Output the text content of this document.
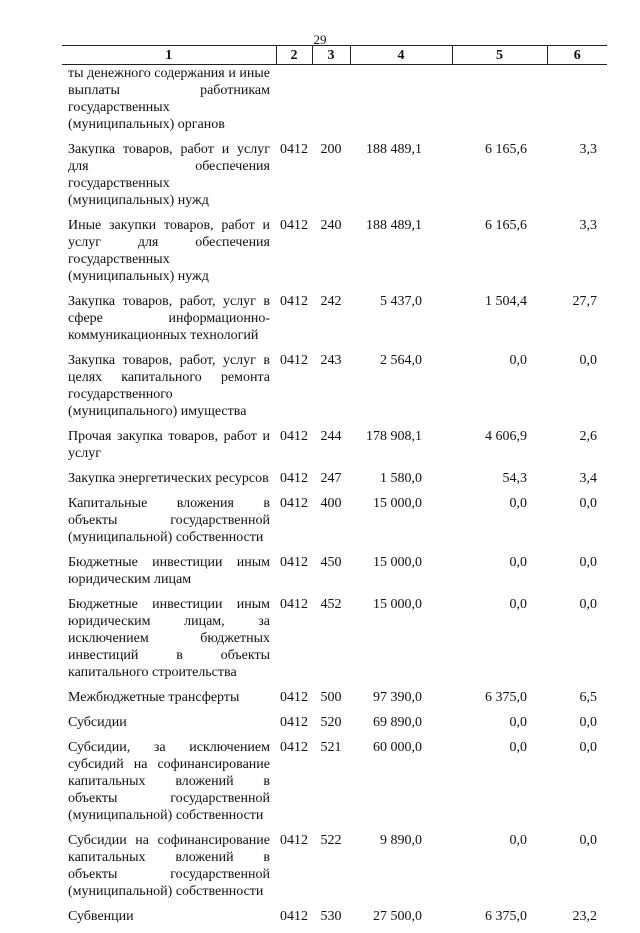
29
1	2	3	4	5	6
ты денежного содержания и иные выплаты работникам государственных (муниципальных) органов					
Закупка товаров, работ и услуг для обеспечения государственных (муниципальных) нужд	0412	200	188 489,1	6 165,6	3,3
Иные закупки товаров, работ и услуг для обеспечения государственных (муниципальных) нужд	0412	240	188 489,1	6 165,6	3,3
Закупка товаров, работ, услуг в сфере информационно-коммуникационных технологий	0412	242	5 437,0	1 504,4	27,7
Закупка товаров, работ, услуг в целях капитального ремонта государственного (муниципального) имущества	0412	243	2 564,0	0,0	0,0
Прочая закупка товаров, работ и услуг	0412	244	178 908,1	4 606,9	2,6
Закупка энергетических ресурсов	0412	247	1 580,0	54,3	3,4
Капитальные вложения в объекты государственной (муниципальной) собственности	0412	400	15 000,0	0,0	0,0
Бюджетные инвестиции иным юридическим лицам	0412	450	15 000,0	0,0	0,0
Бюджетные инвестиции иным юридическим лицам, за исключением бюджетных инвестиций в объекты капитального строительства	0412	452	15 000,0	0,0	0,0
Межбюджетные трансферты	0412	500	97 390,0	6 375,0	6,5
Субсидии	0412	520	69 890,0	0,0	0,0
Субсидии, за исключением субсидий на софинансирование капитальных вложений в объекты государственной (муниципальной) собственности	0412	521	60 000,0	0,0	0,0
Субсидии на софинансирование капитальных вложений в объекты государственной (муниципальной) собственности	0412	522	9 890,0	0,0	0,0
Субвенции	0412	530	27 500,0	6 375,0	23,2
